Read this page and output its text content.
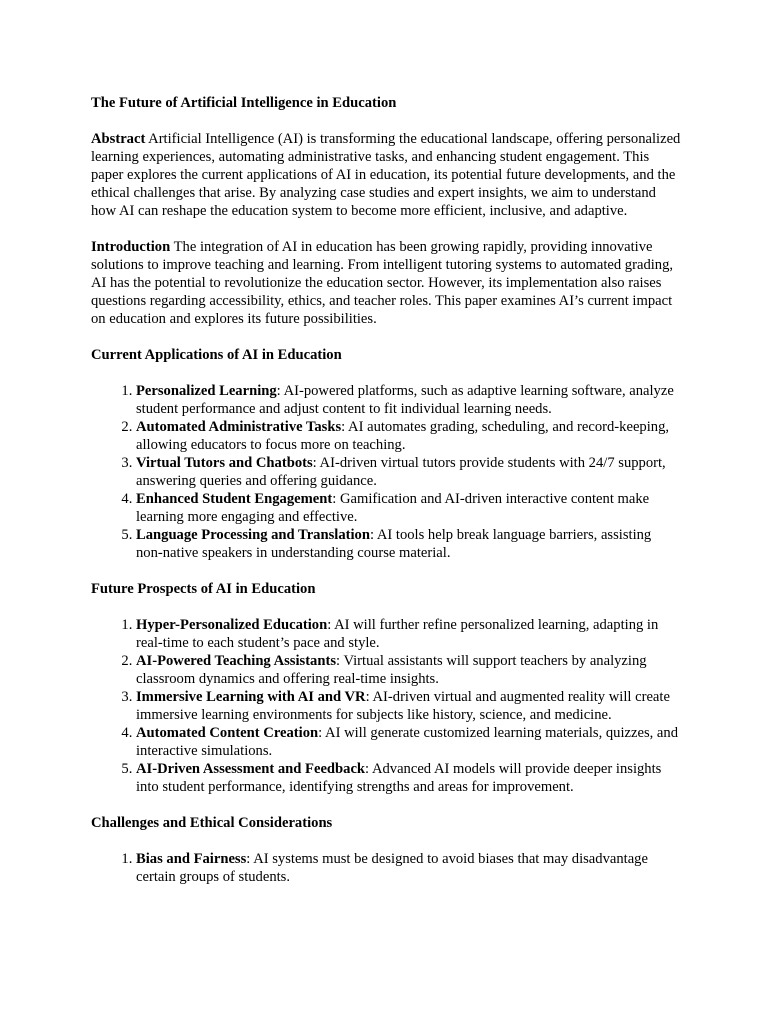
The Future of Artificial Intelligence in Education

Abstract Artificial Intelligence (AI) is transforming the educational landscape, offering personalized learning experiences, automating administrative tasks, and enhancing student engagement. This paper explores the current applications of AI in education, its potential future developments, and the ethical challenges that arise. By analyzing case studies and expert insights, we aim to understand how AI can reshape the education system to become more efficient, inclusive, and adaptive.

Introduction The integration of AI in education has been growing rapidly, providing innovative solutions to improve teaching and learning. From intelligent tutoring systems to automated grading, AI has the potential to revolutionize the education sector. However, its implementation also raises questions regarding accessibility, ethics, and teacher roles. This paper examines AI’s current impact on education and explores its future possibilities.

Current Applications of AI in Education

1. Personalized Learning: AI-powered platforms, such as adaptive learning software, analyze student performance and adjust content to fit individual learning needs.
2. Automated Administrative Tasks: AI automates grading, scheduling, and record-keeping, allowing educators to focus more on teaching.
3. Virtual Tutors and Chatbots: AI-driven virtual tutors provide students with 24/7 support, answering queries and offering guidance.
4. Enhanced Student Engagement: Gamification and AI-driven interactive content make learning more engaging and effective.
5. Language Processing and Translation: AI tools help break language barriers, assisting non-native speakers in understanding course material.

Future Prospects of AI in Education

1. Hyper-Personalized Education: AI will further refine personalized learning, adapting in real-time to each student’s pace and style.
2. AI-Powered Teaching Assistants: Virtual assistants will support teachers by analyzing classroom dynamics and offering real-time insights.
3. Immersive Learning with AI and VR: AI-driven virtual and augmented reality will create immersive learning environments for subjects like history, science, and medicine.
4. Automated Content Creation: AI will generate customized learning materials, quizzes, and interactive simulations.
5. AI-Driven Assessment and Feedback: Advanced AI models will provide deeper insights into student performance, identifying strengths and areas for improvement.

Challenges and Ethical Considerations

1. Bias and Fairness: AI systems must be designed to avoid biases that may disadvantage certain groups of students.
